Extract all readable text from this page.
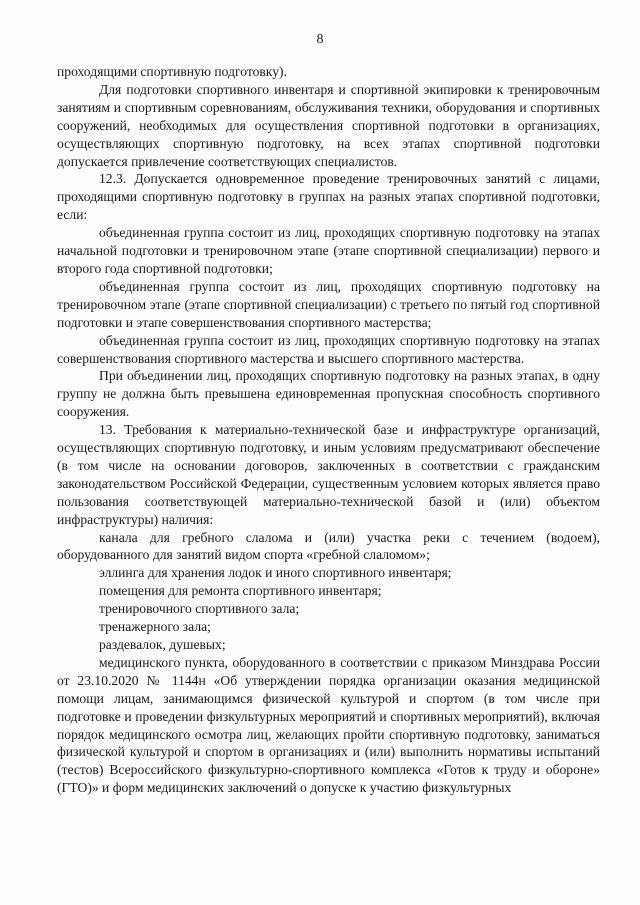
8

проходящими спортивную подготовку).

Для подготовки спортивного инвентаря и спортивной экипировки к тренировочным занятиям и спортивным соревнованиям, обслуживания техники, оборудования и спортивных сооружений, необходимых для осуществления спортивной подготовки в организациях, осуществляющих спортивную подготовку, на всех этапах спортивной подготовки допускается привлечение соответствующих специалистов.

12.3. Допускается одновременное проведение тренировочных занятий с лицами, проходящими спортивную подготовку в группах на разных этапах спортивной подготовки, если:

объединенная группа состоит из лиц, проходящих спортивную подготовку на этапах начальной подготовки и тренировочном этапе (этапе спортивной специализации) первого и второго года спортивной подготовки;

объединенная группа состоит из лиц, проходящих спортивную подготовку на тренировочном этапе (этапе спортивной специализации) с третьего по пятый год спортивной подготовки и этапе совершенствования спортивного мастерства;

объединенная группа состоит из лиц, проходящих спортивную подготовку на этапах совершенствования спортивного мастерства и высшего спортивного мастерства.

При объединении лиц, проходящих спортивную подготовку на разных этапах, в одну группу не должна быть превышена единовременная пропускная способность спортивного сооружения.

13. Требования к материально-технической базе и инфраструктуре организаций, осуществляющих спортивную подготовку, и иным условиям предусматривают обеспечение (в том числе на основании договоров, заключенных в соответствии с гражданским законодательством Российской Федерации, существенным условием которых является право пользования соответствующей материально-технической базой и (или) объектом инфраструктуры) наличия:

канала для гребного слалома и (или) участка реки с течением (водоем), оборудованного для занятий видом спорта «гребной слаломом»;

эллинга для хранения лодок и иного спортивного инвентаря;

помещения для ремонта спортивного инвентаря;

тренировочного спортивного зала;

тренажерного зала;

раздевалок, душевых;

медицинского пункта, оборудованного в соответствии с приказом Минздрава России от 23.10.2020 № 1144н «Об утверждении порядка организации оказания медицинской помощи лицам, занимающимся физической культурой и спортом (в том числе при подготовке и проведении физкультурных мероприятий и спортивных мероприятий), включая порядок медицинского осмотра лиц, желающих пройти спортивную подготовку, заниматься физической культурой и спортом в организациях и (или) выполнить нормативы испытаний (тестов) Всероссийского физкультурно-спортивного комплекса «Готов к труду и обороне» (ГТО)» и форм медицинских заключений о допуске к участию физкультурных
